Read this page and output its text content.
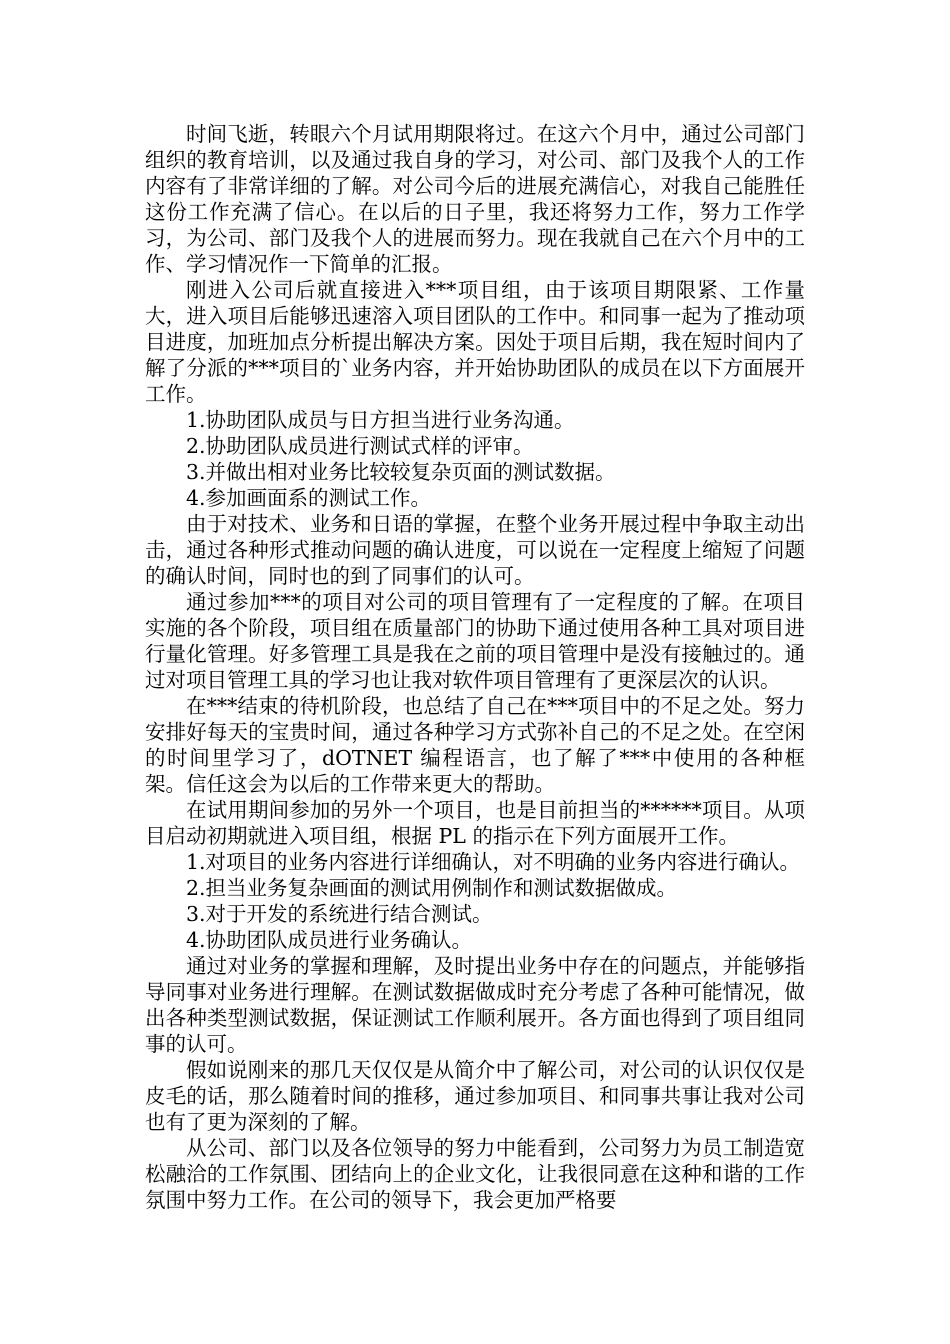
时间飞逝，转眼六个月试用期限将过。在这六个月中，通过公司部门组织的教育培训，以及通过我自身的学习，对公司、部门及我个人的工作内容有了非常详细的了解。对公司今后的进展充满信心，对我自己能胜任这份工作充满了信心。在以后的日子里，我还将努力工作，努力工作学习，为公司、部门及我个人的进展而努力。现在我就自己在六个月中的工作、学习情况作一下简单的汇报。

刚进入公司后就直接进入***项目组，由于该项目期限紧、工作量大，进入项目后能够迅速溶入项目团队的工作中。和同事一起为了推动项目进度，加班加点分析提出解决方案。因处于项目后期，我在短时间内了解了分派的***项目的`业务内容，并开始协助团队的成员在以下方面展开工作。

1.协助团队成员与日方担当进行业务沟通。

2.协助团队成员进行测试式样的评审。

3.并做出相对业务比较较复杂页面的测试数据。

4.参加画面系的测试工作。

由于对技术、业务和日语的掌握，在整个业务开展过程中争取主动出击，通过各种形式推动问题的确认进度，可以说在一定程度上缩短了问题的确认时间，同时也的到了同事们的认可。

通过参加***的项目对公司的项目管理有了一定程度的了解。在项目实施的各个阶段，项目组在质量部门的协助下通过使用各种工具对项目进行量化管理。好多管理工具是我在之前的项目管理中是没有接触过的。通过对项目管理工具的学习也让我对软件项目管理有了更深层次的认识。

在***结束的待机阶段，也总结了自己在***项目中的不足之处。努力安排好每天的宝贵时间，通过各种学习方式弥补自己的不足之处。在空闲的时间里学习了，dOTNET 编程语言，也了解了***中使用的各种框架。信任这会为以后的工作带来更大的帮助。

在试用期间参加的另外一个项目，也是目前担当的******项目。从项目启动初期就进入项目组，根据 PL 的指示在下列方面展开工作。

1.对项目的业务内容进行详细确认，对不明确的业务内容进行确认。

2.担当业务复杂画面的测试用例制作和测试数据做成。

3.对于开发的系统进行结合测试。

4.协助团队成员进行业务确认。

通过对业务的掌握和理解，及时提出业务中存在的问题点，并能够指导同事对业务进行理解。在测试数据做成时充分考虑了各种可能情况，做出各种类型测试数据，保证测试工作顺利展开。各方面也得到了项目组同事的认可。

假如说刚来的那几天仅仅是从简介中了解公司，对公司的认识仅仅是皮毛的话，那么随着时间的推移，通过参加项目、和同事共事让我对公司也有了更为深刻的了解。

从公司、部门以及各位领导的努力中能看到，公司努力为员工制造宽松融洽的工作氛围、团结向上的企业文化，让我很同意在这种和谐的工作氛围中努力工作。在公司的领导下，我会更加严格要
